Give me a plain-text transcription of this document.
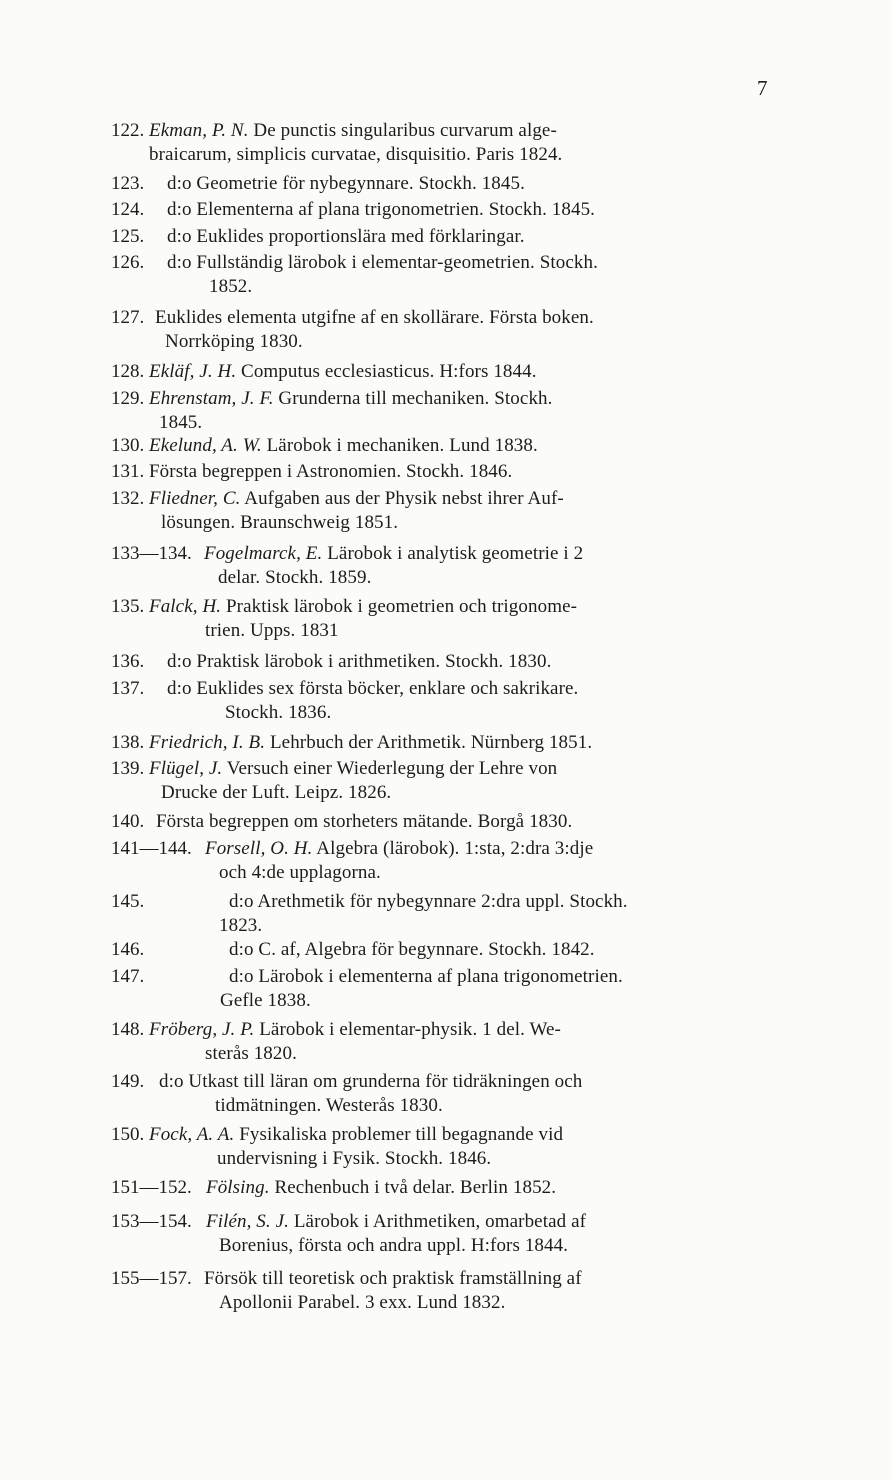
7
122. Ekman, P. N. De punctis singularibus curvarum alge-
braicarum, simplicis curvatae, disquisitio. Paris 1824.
123. d:o Geometrie för nybegynnare. Stockh. 1845.
124. d:o Elementerna af plana trigonometrien. Stockh. 1845.
125. d:o Euklides proportionslära med förklaringar.
126. d:o Fullständig lärobok i elementar-geometrien. Stockh.
1852.
127. Euklides elementa utgifne af en skollärare. Första boken.
Norrköping 1830.
128. Ekläf, J. H. Computus ecclesiasticus. H:fors 1844.
129. Ehrenstam, J. F. Grunderna till mechaniken. Stockh.
1845.
130. Ekelund, A. W. Lärobok i mechaniken. Lund 1838.
131. Första begreppen i Astronomien. Stockh. 1846.
132. Fliedner, C. Aufgaben aus der Physik nebst ihrer Auf-
lösungen. Braunschweig 1851.
133—134. Fogelmarck, E. Lärobok i analytisk geometrie i 2
delar. Stockh. 1859.
135. Falck, H. Praktisk lärobok i geometrien och trigonome-
trien. Upps. 1831
136. d:o Praktisk lärobok i arithmetiken. Stockh. 1830.
137. d:o Euklides sex första böcker, enklare och sakrikare.
Stockh. 1836.
138. Friedrich, I. B. Lehrbuch der Arithmetik. Nürnberg 1851.
139. Flügel, J. Versuch einer Wiederlegung der Lehre von
Drucke der Luft. Leipz. 1826.
140. Första begreppen om storheters mätande. Borgå 1830.
141—144. Forsell, O. H. Algebra (lärobok). 1:sta, 2:dra 3:dje
och 4:de upplagorna.
145.	d:o Arethmetik för nybegynnare 2:dra uppl. Stockh.
1823.
146.	d:o C. af, Algebra för begynnare. Stockh. 1842.
147.	d:o Lärobok i elementerna af plana trigonometrien.
Gefle 1838.
148. Fröberg, J. P. Lärobok i elementar-physik. 1 del. We-
sterås 1820.
149. d:o Utkast till läran om grunderna för tidräkningen och
tidmätningen. Westerås 1830.
150. Fock, A. A. Fysikaliska problemer till begagnande vid
undervisning i Fysik. Stockh. 1846.
151—152. Fölsing. Rechenbuch i två delar. Berlin 1852.
153—154. Filén, S. J. Lärobok i Arithmetiken, omarbetad af
Borenius, första och andra uppl. H:fors 1844.
155—157. Försök till teoretisk och praktisk framställning af
Apollonii Parabel. 3 exx. Lund 1832.
